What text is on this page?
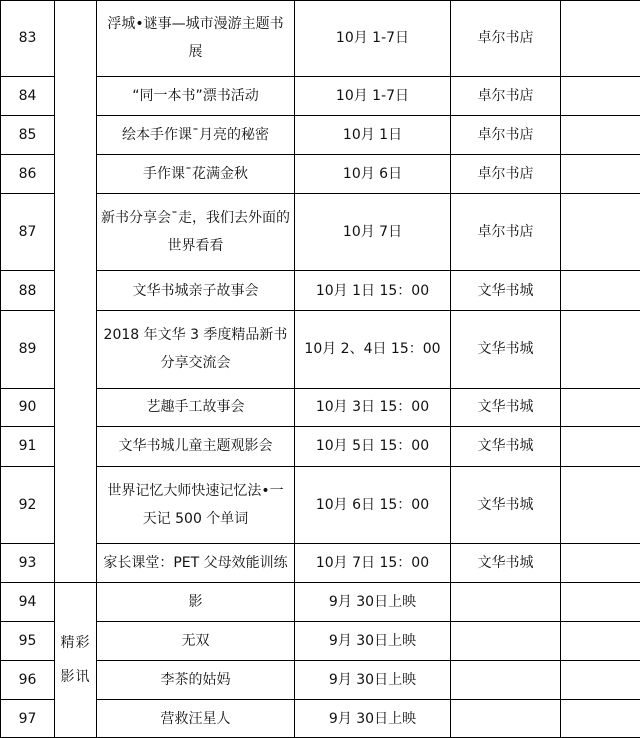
83		浮城•谜事—城市漫游主题书展	10月 1-7日	卓尔书店	
84		“同一本书”漂书活动	10月 1-7日	卓尔书店	
85		绘本手作课¯月亮的秘密	10月 1日	卓尔书店	
86		手作课¯花满金秋	10月 6日	卓尔书店	
87		新书分享会¯走，我们去外面的世界看看	10月 7日	卓尔书店	
88		文华书城亲子故事会	10月 1日 15：00	文华书城	
89		2018 年文华 3 季度精品新书分享交流会	10月 2、4日 15：00	文华书城	
90		艺趣手工故事会	10月 3日 15：00	文华书城	
91		文华书城儿童主题观影会	10月 5日 15：00	文华书城	
92		世界记忆大师快速记忆法•一天记 500 个单词	10月 6日 15：00	文华书城	
93		家长课堂：PET 父母效能训练	10月 7日 15：00	文华书城	
94	精彩影讯	影	9月 30日上映		
95		无双	9月 30日上映		
96		李茶的姑妈	9月 30日上映		
97		营救汪星人	9月 30日上映		
